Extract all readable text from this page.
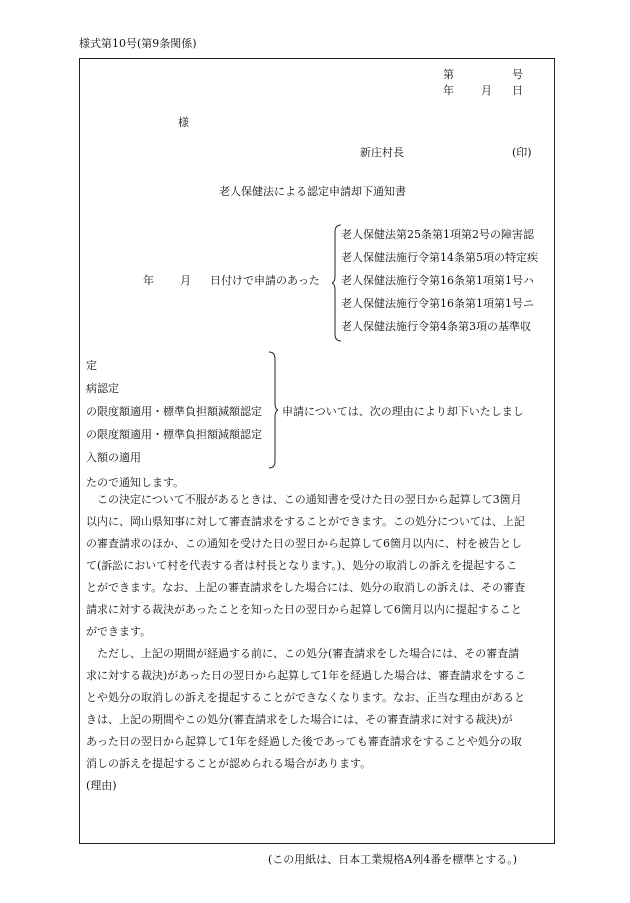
様式第10号(第9条関係)
第	号
年 月 日
様
新庄村長	(印)
老人保健法による認定申請却下通知書
年 月 日付けで申請のあった
老人保健法第25条第1項第2号の障害認
老人保健法施行令第14条第5項の特定疾
老人保健法施行令第16条第1項第1号ハ
老人保健法施行令第16条第1項第1号ニ
老人保健法施行令第4条第3項の基準収
定
病認定
の限度額適用・標準負担額減額認定
の限度額適用・標準負担額減額認定
入額の適用
申請については、次の理由により却下いたしまし
たので通知します。
この決定について不服があるときは、この通知書を受けた日の翌日から起算して3箇月
以内に、岡山県知事に対して審査請求をすることができます。この処分については、上記
の審査請求のほか、この通知を受けた日の翌日から起算して6箇月以内に、村を被告とし
て(訴訟において村を代表する者は村長となります。)、処分の取消しの訴えを提起するこ
とができます。なお、上記の審査請求をした場合には、処分の取消しの訴えは、その審査
請求に対する裁決があったことを知った日の翌日から起算して6箇月以内に提起すること
ができます。
ただし、上記の期間が経過する前に、この処分(審査請求をした場合には、その審査請
求に対する裁決)があった日の翌日から起算して1年を経過した場合は、審査請求をするこ
とや処分の取消しの訴えを提起することができなくなります。なお、正当な理由があると
きは、上記の期間やこの処分(審査請求をした場合には、その審査請求に対する裁決)が
あった日の翌日から起算して1年を経過した後であっても審査請求をすることや処分の取
消しの訴えを提起することが認められる場合があります。
(理由)
(この用紙は、日本工業規格A列4番を標準とする。)
